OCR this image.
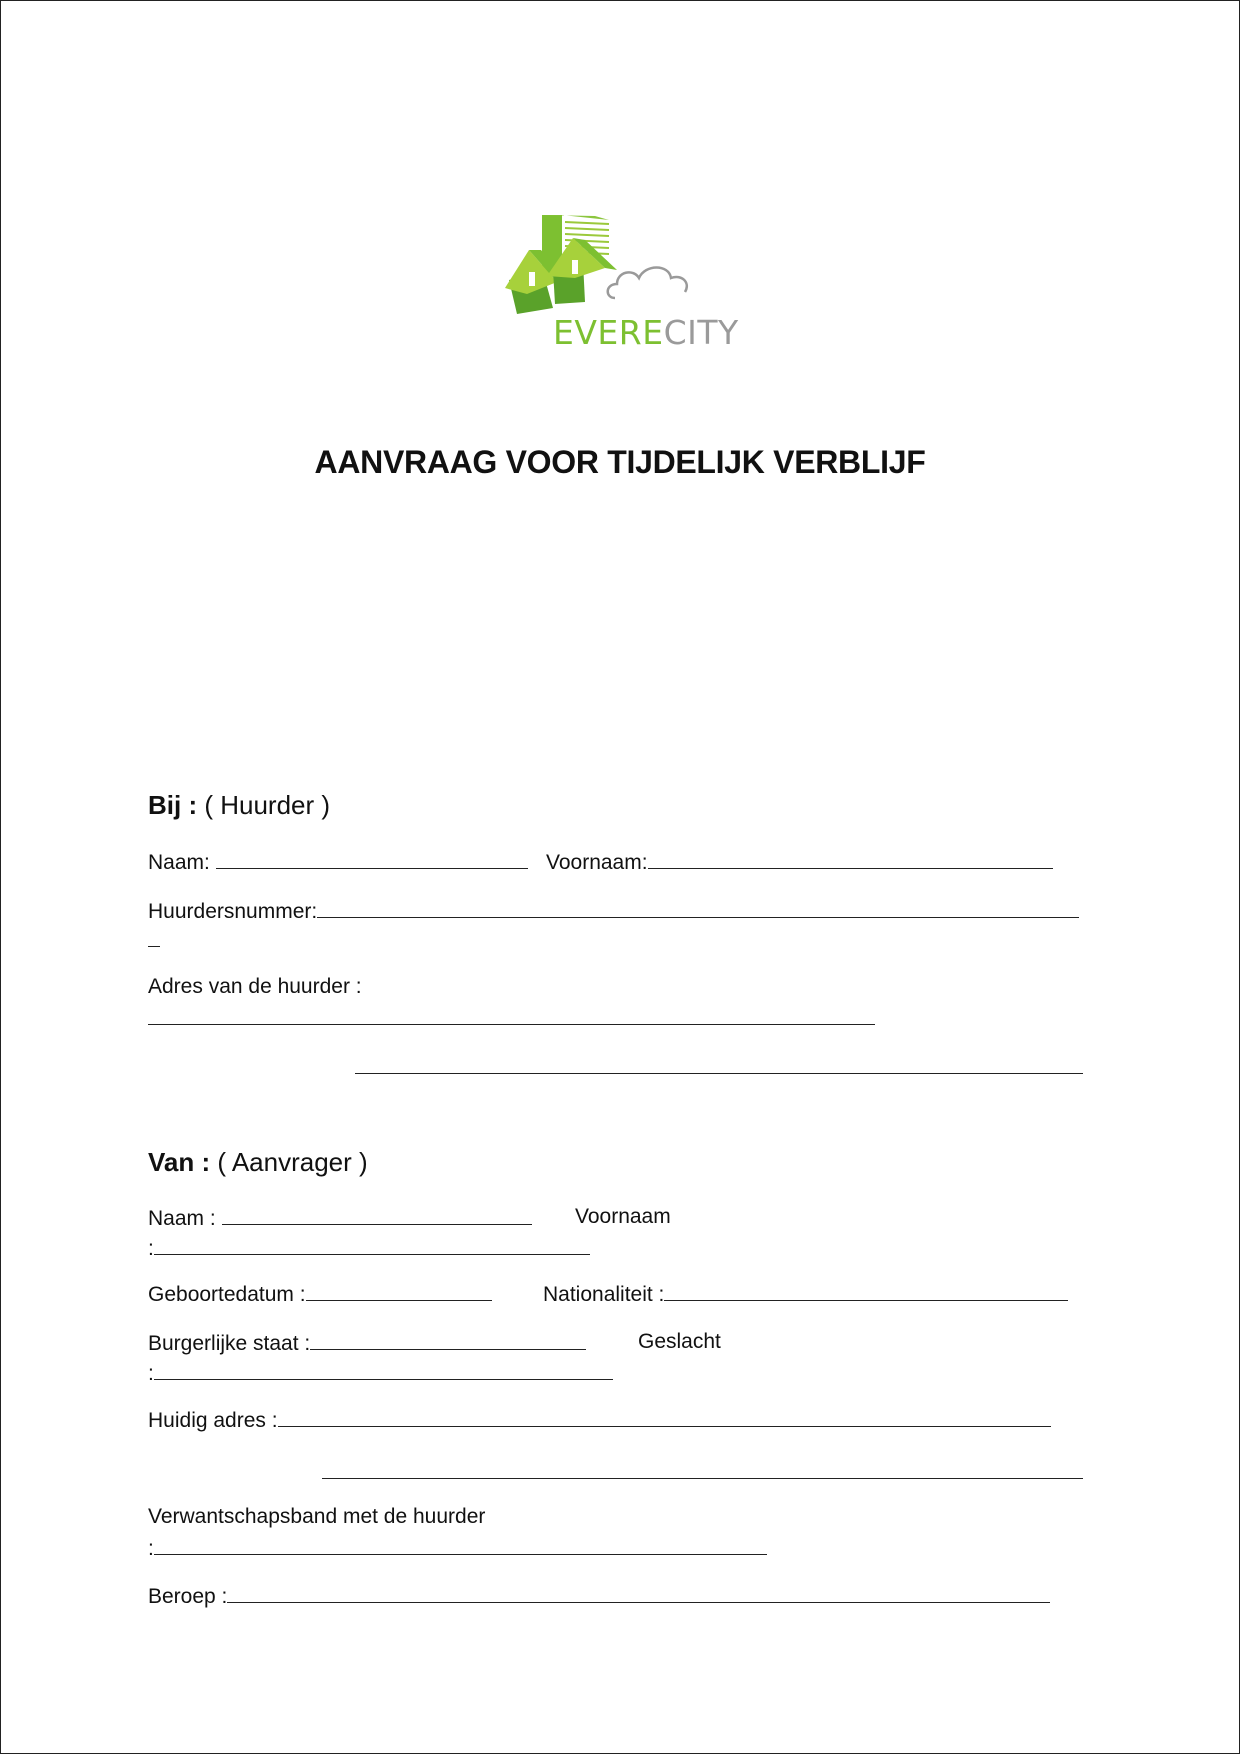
EVERECITY
AANVRAAG VOOR TIJDELIJK VERBLIJF
Bij : ( Huurder )
Naam:	Voornaam:
Huurdersnummer:
Adres van de huurder :
Van : ( Aanvrager )
Naam :	Voornaam
:
Geboortedatum :	Nationaliteit :
Burgerlijke staat :	Geslacht
:
Huidig adres :
Verwantschapsband met de huurder
:
Beroep :
